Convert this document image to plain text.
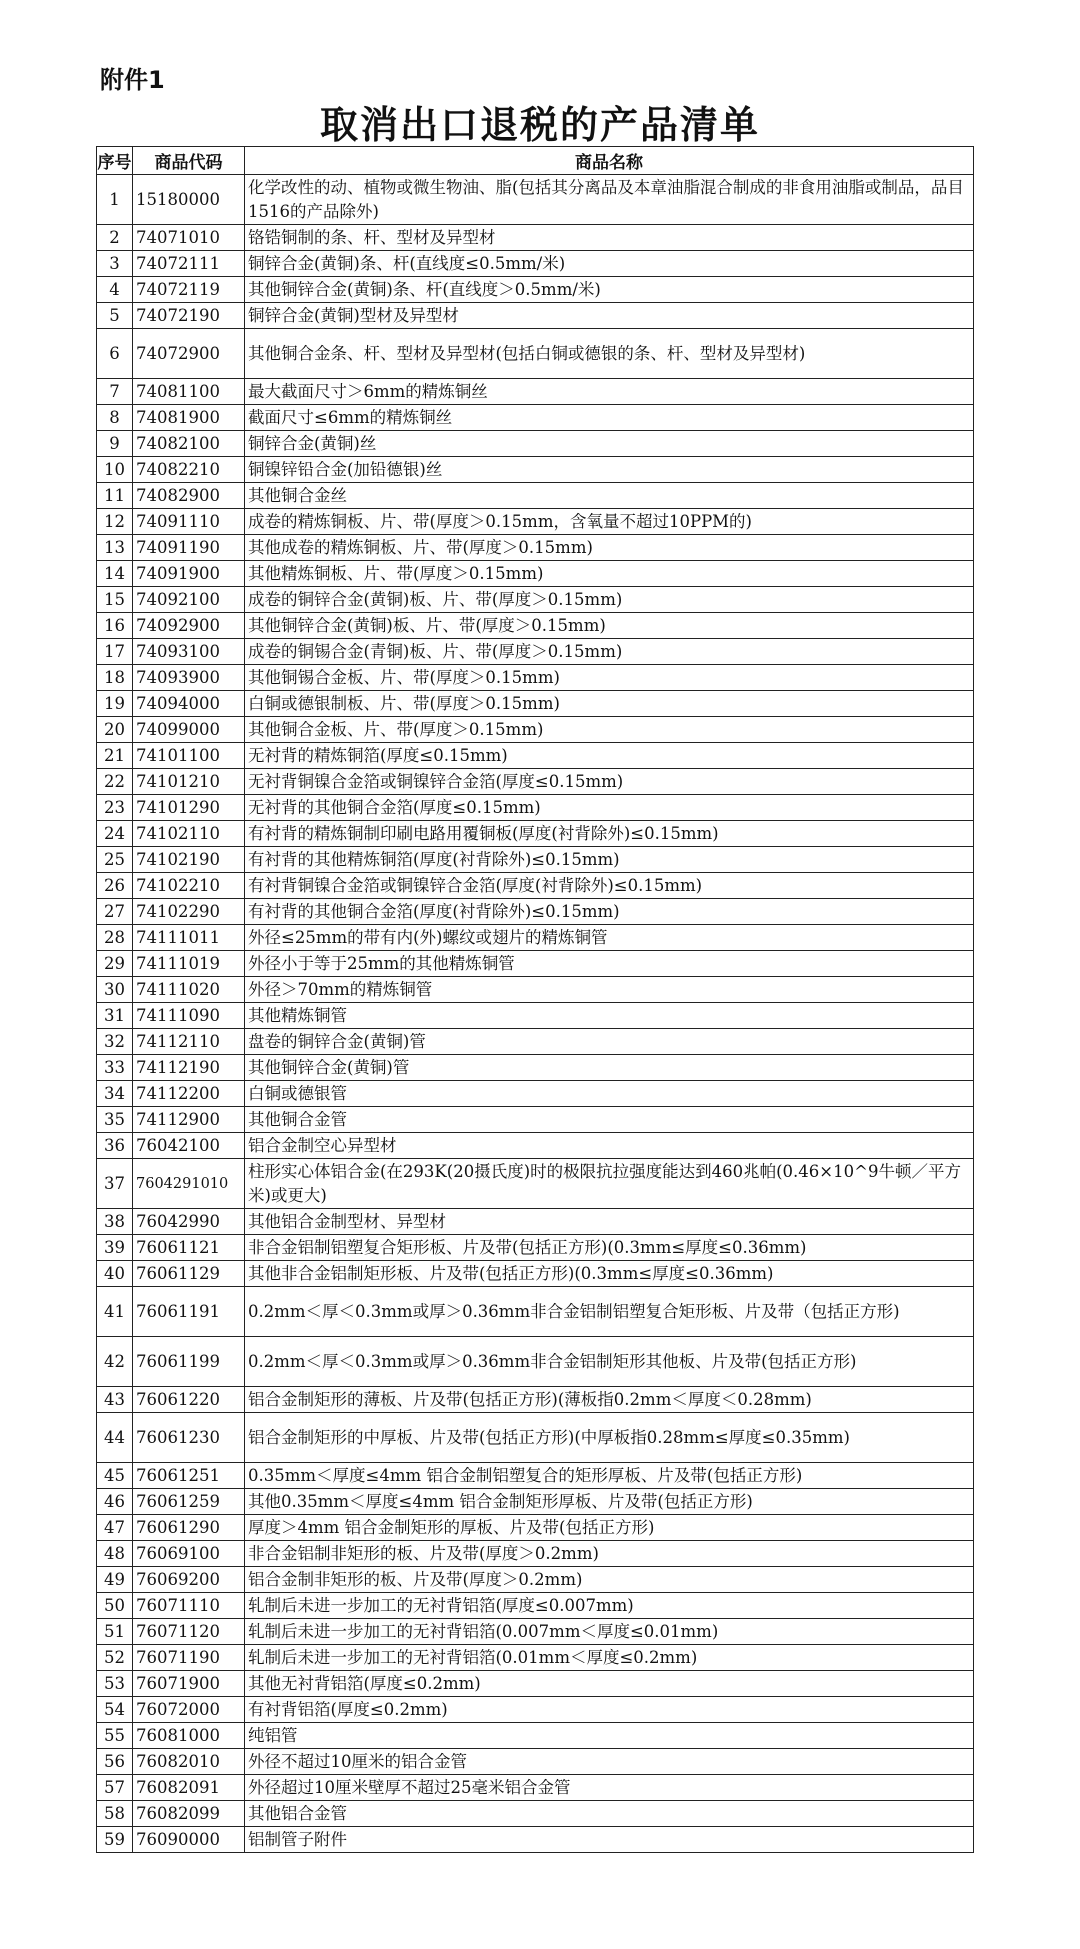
附件1
取消出口退税的产品清单
序号	商品代码	商品名称
1	15180000	化学改性的动、植物或微生物油、脂(包括其分离品及本章油脂混合制成的非食用油脂或制品，品目1516的产品除外)
2	74071010	铬锆铜制的条、杆、型材及异型材
3	74072111	铜锌合金(黄铜)条、杆(直线度≤0.5mm/米)
4	74072119	其他铜锌合金(黄铜)条、杆(直线度＞0.5mm/米)
5	74072190	铜锌合金(黄铜)型材及异型材
6	74072900	其他铜合金条、杆、型材及异型材(包括白铜或德银的条、杆、型材及异型材)
7	74081100	最大截面尺寸＞6mm的精炼铜丝
8	74081900	截面尺寸≤6mm的精炼铜丝
9	74082100	铜锌合金(黄铜)丝
10	74082210	铜镍锌铅合金(加铅德银)丝
11	74082900	其他铜合金丝
12	74091110	成卷的精炼铜板、片、带(厚度＞0.15mm，含氧量不超过10PPM的)
13	74091190	其他成卷的精炼铜板、片、带(厚度＞0.15mm)
14	74091900	其他精炼铜板、片、带(厚度＞0.15mm)
15	74092100	成卷的铜锌合金(黄铜)板、片、带(厚度＞0.15mm)
16	74092900	其他铜锌合金(黄铜)板、片、带(厚度＞0.15mm)
17	74093100	成卷的铜锡合金(青铜)板、片、带(厚度＞0.15mm)
18	74093900	其他铜锡合金板、片、带(厚度＞0.15mm)
19	74094000	白铜或德银制板、片、带(厚度＞0.15mm)
20	74099000	其他铜合金板、片、带(厚度＞0.15mm)
21	74101100	无衬背的精炼铜箔(厚度≤0.15mm)
22	74101210	无衬背铜镍合金箔或铜镍锌合金箔(厚度≤0.15mm)
23	74101290	无衬背的其他铜合金箔(厚度≤0.15mm)
24	74102110	有衬背的精炼铜制印刷电路用覆铜板(厚度(衬背除外)≤0.15mm)
25	74102190	有衬背的其他精炼铜箔(厚度(衬背除外)≤0.15mm)
26	74102210	有衬背铜镍合金箔或铜镍锌合金箔(厚度(衬背除外)≤0.15mm)
27	74102290	有衬背的其他铜合金箔(厚度(衬背除外)≤0.15mm)
28	74111011	外径≤25mm的带有内(外)螺纹或翅片的精炼铜管
29	74111019	外径小于等于25mm的其他精炼铜管
30	74111020	外径＞70mm的精炼铜管
31	74111090	其他精炼铜管
32	74112110	盘卷的铜锌合金(黄铜)管
33	74112190	其他铜锌合金(黄铜)管
34	74112200	白铜或德银管
35	74112900	其他铜合金管
36	76042100	铝合金制空心异型材
37	7604291010	柱形实心体铝合金(在293K(20摄氏度)时的极限抗拉强度能达到460兆帕(0.46×10^9牛顿／平方米)或更大)
38	76042990	其他铝合金制型材、异型材
39	76061121	非合金铝制铝塑复合矩形板、片及带(包括正方形)(0.3mm≤厚度≤0.36mm)
40	76061129	其他非合金铝制矩形板、片及带(包括正方形)(0.3mm≤厚度≤0.36mm)
41	76061191	0.2mm＜厚＜0.3mm或厚＞0.36mm非合金铝制铝塑复合矩形板、片及带（包括正方形)
42	76061199	0.2mm＜厚＜0.3mm或厚＞0.36mm非合金铝制矩形其他板、片及带(包括正方形)
43	76061220	铝合金制矩形的薄板、片及带(包括正方形)(薄板指0.2mm＜厚度＜0.28mm)
44	76061230	铝合金制矩形的中厚板、片及带(包括正方形)(中厚板指0.28mm≤厚度≤0.35mm)
45	76061251	0.35mm＜厚度≤4mm 铝合金制铝塑复合的矩形厚板、片及带(包括正方形)
46	76061259	其他0.35mm＜厚度≤4mm 铝合金制矩形厚板、片及带(包括正方形)
47	76061290	厚度＞4mm 铝合金制矩形的厚板、片及带(包括正方形)
48	76069100	非合金铝制非矩形的板、片及带(厚度＞0.2mm)
49	76069200	铝合金制非矩形的板、片及带(厚度＞0.2mm)
50	76071110	轧制后未进一步加工的无衬背铝箔(厚度≤0.007mm)
51	76071120	轧制后未进一步加工的无衬背铝箔(0.007mm＜厚度≤0.01mm)
52	76071190	轧制后未进一步加工的无衬背铝箔(0.01mm＜厚度≤0.2mm)
53	76071900	其他无衬背铝箔(厚度≤0.2mm)
54	76072000	有衬背铝箔(厚度≤0.2mm)
55	76081000	纯铝管
56	76082010	外径不超过10厘米的铝合金管
57	76082091	外径超过10厘米壁厚不超过25毫米铝合金管
58	76082099	其他铝合金管
59	76090000	铝制管子附件
